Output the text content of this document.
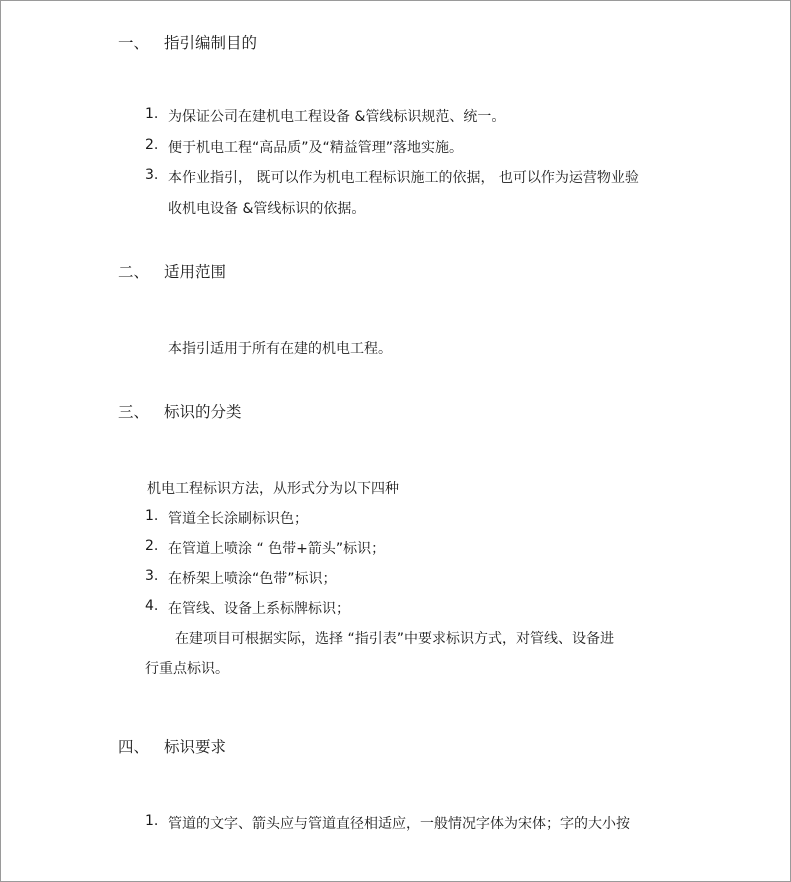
一、 指引编制目的
1. 为保证公司在建机电工程设备 &管线标识规范、统一。
2. 便于机电工程“高品质”及“精益管理”落地实施。
3. 本作业指引， 既可以作为机电工程标识施工的依据， 也可以作为运营物业验
收机电设备 &管线标识的依据。
二、 适用范围
本指引适用于所有在建的机电工程。
三、 标识的分类
机电工程标识方法，从形式分为以下四种
1. 管道全长涂刷标识色；
2. 在管道上喷涂 “ 色带+箭头”标识；
3. 在桥架上喷涂“色带”标识；
4. 在管线、设备上系标牌标识；
在建项目可根据实际，选择 “指引表”中要求标识方式，对管线、设备进
行重点标识。
四、 标识要求
1. 管道的文字、箭头应与管道直径相适应，一般情况字体为宋体；字的大小按
